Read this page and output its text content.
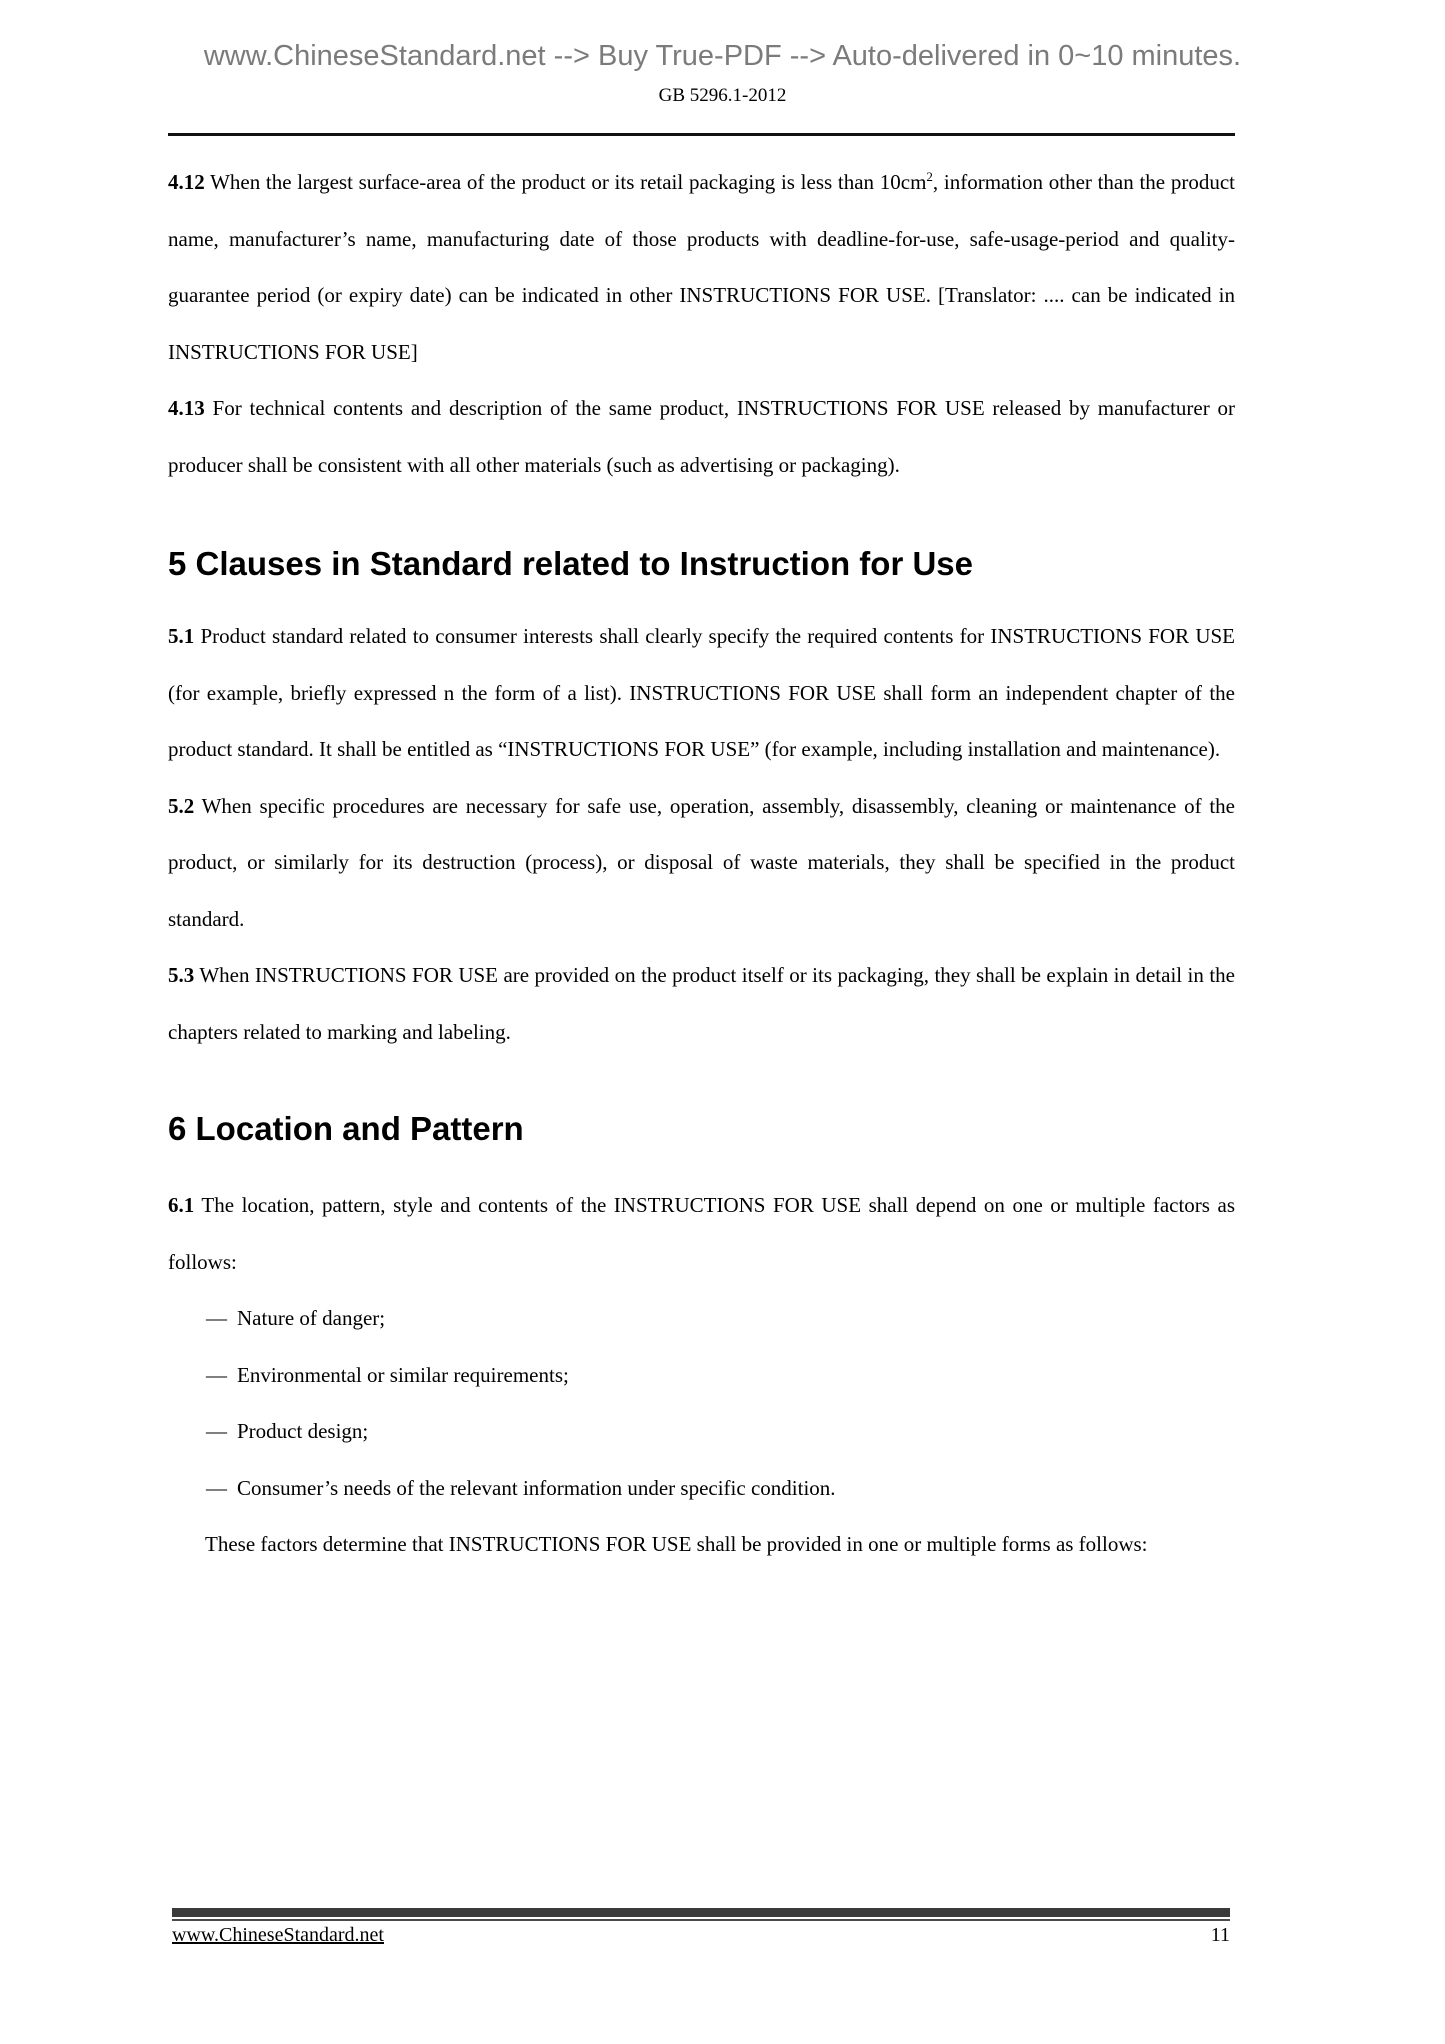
www.ChineseStandard.net --> Buy True-PDF --> Auto-delivered in 0~10 minutes.
GB 5296.1-2012

4.12 When the largest surface-area of the product or its retail packaging is less than $10cm^2$, information other than the product name, manufacturer’s name, manufacturing date of those products with deadline-for-use, safe-usage-period and quality-guarantee period (or expiry date) can be indicated in other INSTRUCTIONS FOR USE. [Translator: .... can be indicated in INSTRUCTIONS FOR USE]

4.13 For technical contents and description of the same product, INSTRUCTIONS FOR USE released by manufacturer or producer shall be consistent with all other materials (such as advertising or packaging).

5 Clauses in Standard related to Instruction for Use

5.1 Product standard related to consumer interests shall clearly specify the required contents for INSTRUCTIONS FOR USE (for example, briefly expressed n the form of a list). INSTRUCTIONS FOR USE shall form an independent chapter of the product standard. It shall be entitled as “INSTRUCTIONS FOR USE” (for example, including installation and maintenance).

5.2 When specific procedures are necessary for safe use, operation, assembly, disassembly, cleaning or maintenance of the product, or similarly for its destruction (process), or disposal of waste materials, they shall be specified in the product standard.

5.3 When INSTRUCTIONS FOR USE are provided on the product itself or its packaging, they shall be explain in detail in the chapters related to marking and labeling.

6 Location and Pattern

6.1 The location, pattern, style and contents of the INSTRUCTIONS FOR USE shall depend on one or multiple factors as follows:

— Nature of danger;
— Environmental or similar requirements;
— Product design;
— Consumer’s needs of the relevant information under specific condition.

These factors determine that INSTRUCTIONS FOR USE shall be provided in one or multiple forms as follows:

www.ChineseStandard.net	11
